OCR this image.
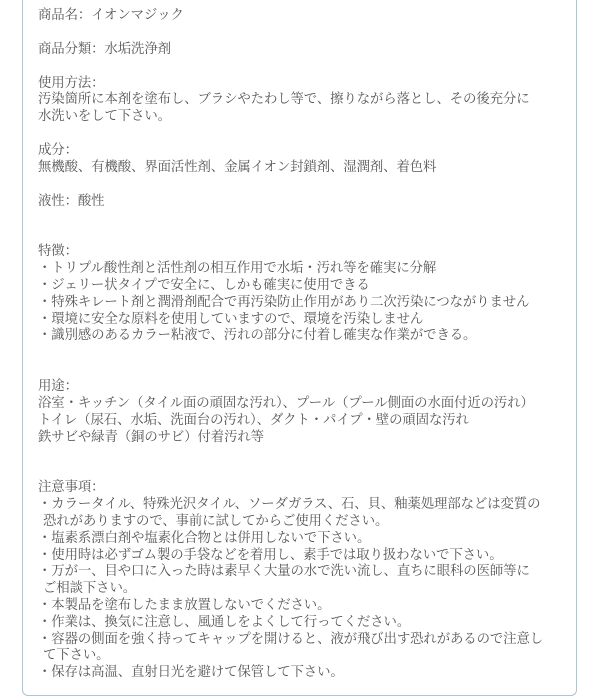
商品名：イオンマジック
商品分類：水垢洗浄剤
使用方法：
汚染箇所に本剤を塗布し、ブラシやたわし等で、擦りながら落とし、その後充分に
水洗いをして下さい。
成分：
無機酸、有機酸、界面活性剤、金属イオン封鎖剤、湿潤剤、着色料
液性：酸性
特徴：
・トリプル酸性剤と活性剤の相互作用で水垢・汚れ等を確実に分解
・ジェリー状タイプで安全に、しかも確実に使用できる
・特殊キレート剤と潤滑剤配合で再汚染防止作用があり二次汚染につながりません
・環境に安全な原料を使用していますので、環境を汚染しません
・識別感のあるカラー粘液で、汚れの部分に付着し確実な作業ができる。
用途：
浴室・キッチン（タイル面の頑固な汚れ）、プール（プール側面の水面付近の汚れ）
トイレ（尿石、水垢、洗面台の汚れ）、ダクト・パイプ・壁の頑固な汚れ
鉄サビや緑青（銅のサビ）付着汚れ等
注意事項：
・カラータイル、特殊光沢タイル、ソーダガラス、石、貝、釉薬処理部などは変質の
恐れがありますので、事前に試してからご使用ください。
・塩素系漂白剤や塩素化合物とは併用しないで下さい。
・使用時は必ずゴム製の手袋などを着用し、素手では取り扱わないで下さい。
・万が一、目や口に入った時は素早く大量の水で洗い流し、直ちに眼科の医師等に
ご相談下さい。
・本製品を塗布したまま放置しないでください。
・作業は、換気に注意し、風通しをよくして行ってください。
・容器の側面を強く持ってキャップを開けると、液が飛び出す恐れがあるので注意し
て下さい。
・保存は高温、直射日光を避けて保管して下さい。
